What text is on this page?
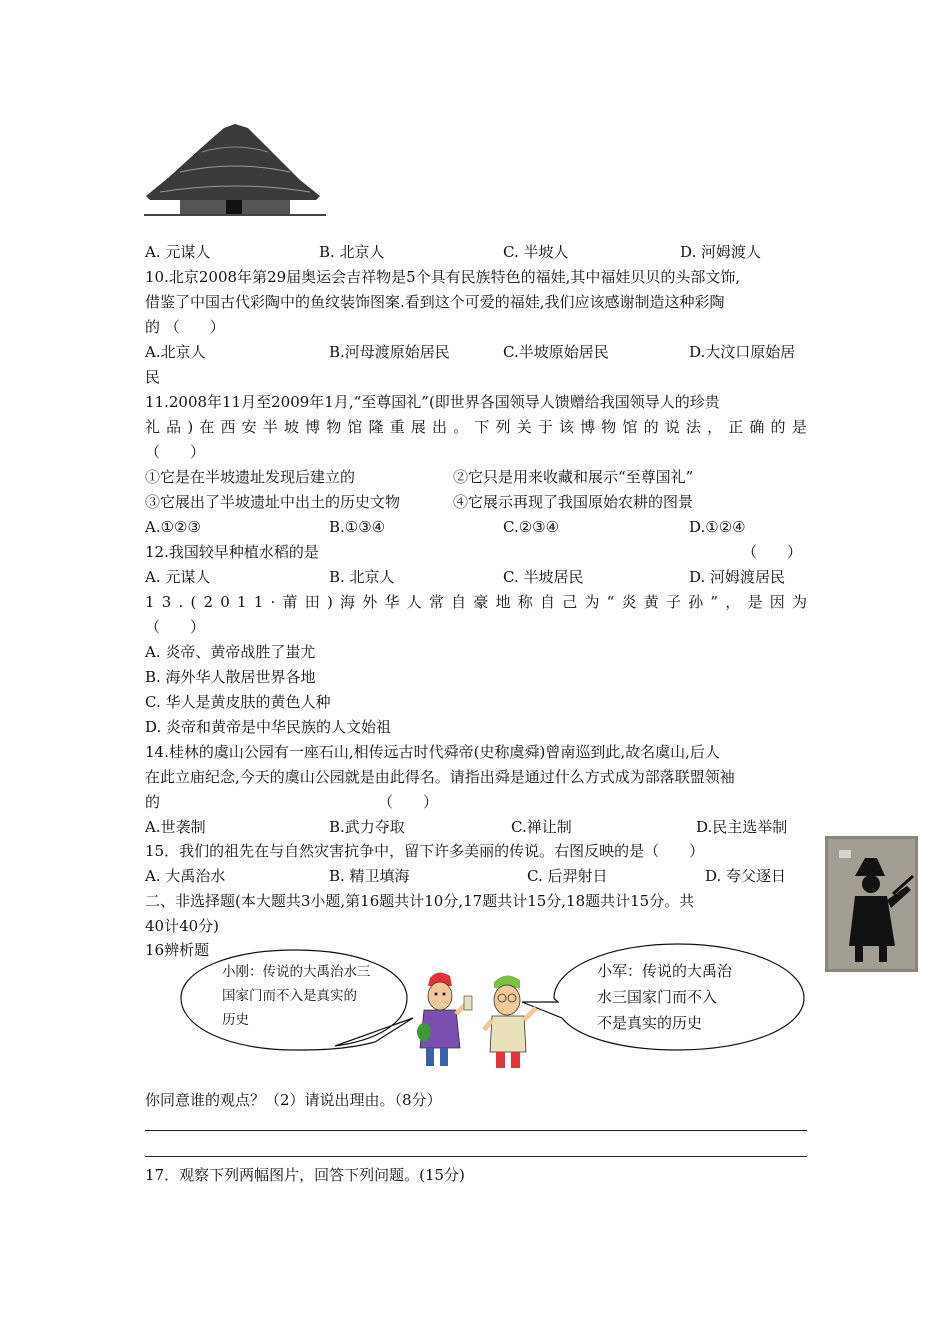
A. 元谋人	B. 北京人	C. 半坡人	D. 河姆渡人
10.北京2008年第29届奥运会吉祥物是5个具有民族特色的福娃,其中福娃贝贝的头部文饰,
借鉴了中国古代彩陶中的鱼纹装饰图案.看到这个可爱的福娃,我们应该感谢制造这种彩陶
的 （　　）
A.北京人	B.河母渡原始居民	C.半坡原始居民	D.大汶口原始居
民
11.2008年11月至2009年1月,“至尊国礼”(即世界各国领导人馈赠给我国领导人的珍贵
礼 品 ) 在 西 安 半 坡 博 物 馆 隆 重 展 出 。 下 列 关 于 该 博 物 馆 的 说 法 ， 正 确 的 是
（　　）
①它是在半坡遗址发现后建立的	②它只是用来收藏和展示“至尊国礼”
③它展出了半坡遗址中出土的历史文物	④它展示再现了我国原始农耕的图景
A.①②③	B.①③④	C.②③④	D.①②④
12.我国较早种植水稻的是	（　　）
A. 元谋人	B. 北京人	C. 半坡居民	D. 河姆渡居民
1 3 . ( 2 0 1 1 · 莆 田 ) 海 外 华 人 常 自 豪 地 称 自 己 为 “ 炎 黄 子 孙 ” ， 是 因 为
（　　）
A. 炎帝、黄帝战胜了蚩尤
B. 海外华人散居世界各地
C. 华人是黄皮肤的黄色人种
D. 炎帝和黄帝是中华民族的人文始祖
14.桂林的虞山公园有一座石山,相传远古时代舜帝(史称虞舜)曾南巡到此,故名虞山,后人
在此立庙纪念,今天的虞山公园就是由此得名。请指出舜是通过什么方式成为部落联盟领袖
的	（　　）
A.世袭制	B.武力夺取	C.禅让制	D.民主选举制
15．我们的祖先在与自然灾害抗争中，留下许多美丽的传说。右图反映的是（　　）
A. 大禹治水	B. 精卫填海	C. 后羿射日	D. 夸父逐日
二、非选择题(本大题共3小题,第16题共计10分,17题共计15分,18题共计15分。共
40计40分)
16辨析题
小刚：传说的大禹治水三
国家门而不入是真实的
历史
小军：传说的大禹治
水三国家门而不入
不是真实的历史
你同意谁的观点？（2）请说出理由。（8分）
17．观察下列两幅图片，回答下列问题。(15分)
